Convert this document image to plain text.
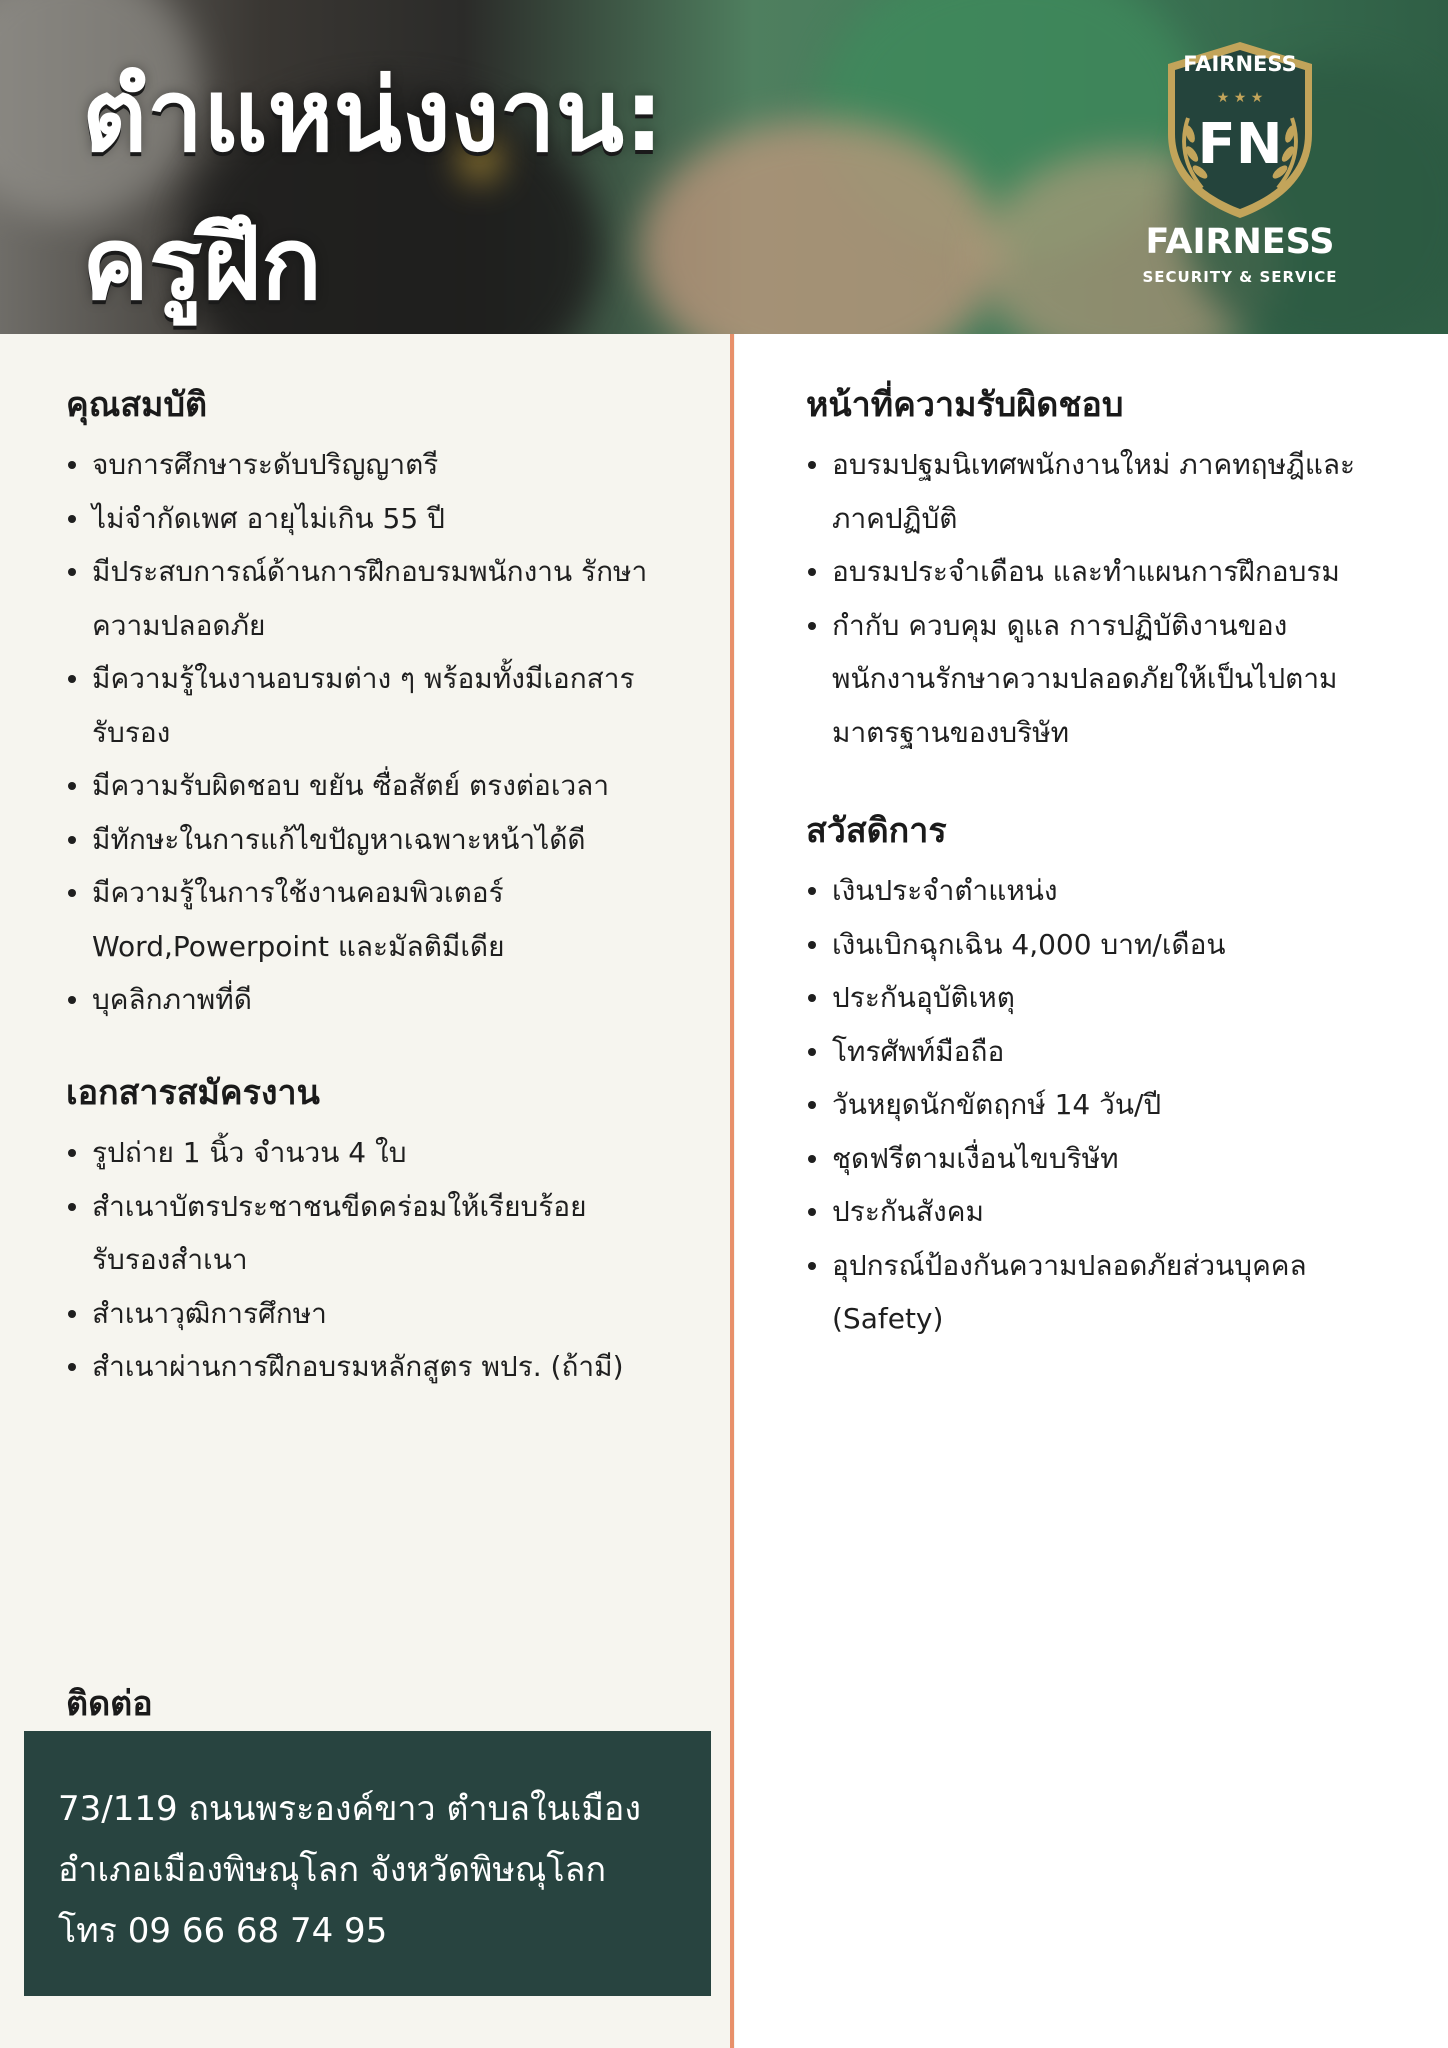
ตำแหน่งงาน:
ครูฝึก
★ ★ ★
FAIRNESS
FN
FAIRNESS
SECURITY & SERVICE
คุณสมบัติ
จบการศึกษาระดับปริญญาตรี
ไม่จำกัดเพศ อายุไม่เกิน 55 ปี
มีประสบการณ์ด้านการฝึกอบรมพนักงาน รักษาความปลอดภัย
มีความรู้ในงานอบรมต่าง ๆ พร้อมทั้งมีเอกสาร รับรอง
มีความรับผิดชอบ ขยัน ซื่อสัตย์ ตรงต่อเวลา
มีทักษะในการแก้ไขปัญหาเฉพาะหน้าได้ดี
มีความรู้ในการใช้งานคอมพิวเตอร์ Word,Powerpoint และมัลติมีเดีย
บุคลิกภาพที่ดี
เอกสารสมัครงาน
รูปถ่าย 1 นิ้ว จำนวน 4 ใบ
สำเนาบัตรประชาชนขีดคร่อมให้เรียบร้อย รับรองสำเนา
สำเนาวุฒิการศึกษา
สำเนาผ่านการฝึกอบรมหลักสูตร พปร. (ถ้ามี)
ติดต่อ

73/119 ถนนพระองค์ขาว ตำบลในเมือง

อำเภอเมืองพิษณุโลก จังหวัดพิษณุโลก

โทร 09 66 68 74 95

หน้าที่ความรับผิดชอบ
อบรมปฐมนิเทศพนักงานใหม่ ภาคทฤษฎีและ ภาคปฏิบัติ
อบรมประจำเดือน และทำแผนการฝึกอบรม
กำกับ ควบคุม ดูแล การปฏิบัติงานของ พนักงานรักษาความปลอดภัยให้เป็นไปตาม มาตรฐานของบริษัท
สวัสดิการ
เงินประจำตำแหน่ง
เงินเบิกฉุกเฉิน 4,000 บาท/เดือน
ประกันอุบัติเหตุ
โทรศัพท์มือถือ
วันหยุดนักขัตฤกษ์ 14 วัน/ปี
ชุดฟรีตามเงื่อนไขบริษัท
ประกันสังคม
อุปกรณ์ป้องกันความปลอดภัยส่วนบุคคล (Safety)
